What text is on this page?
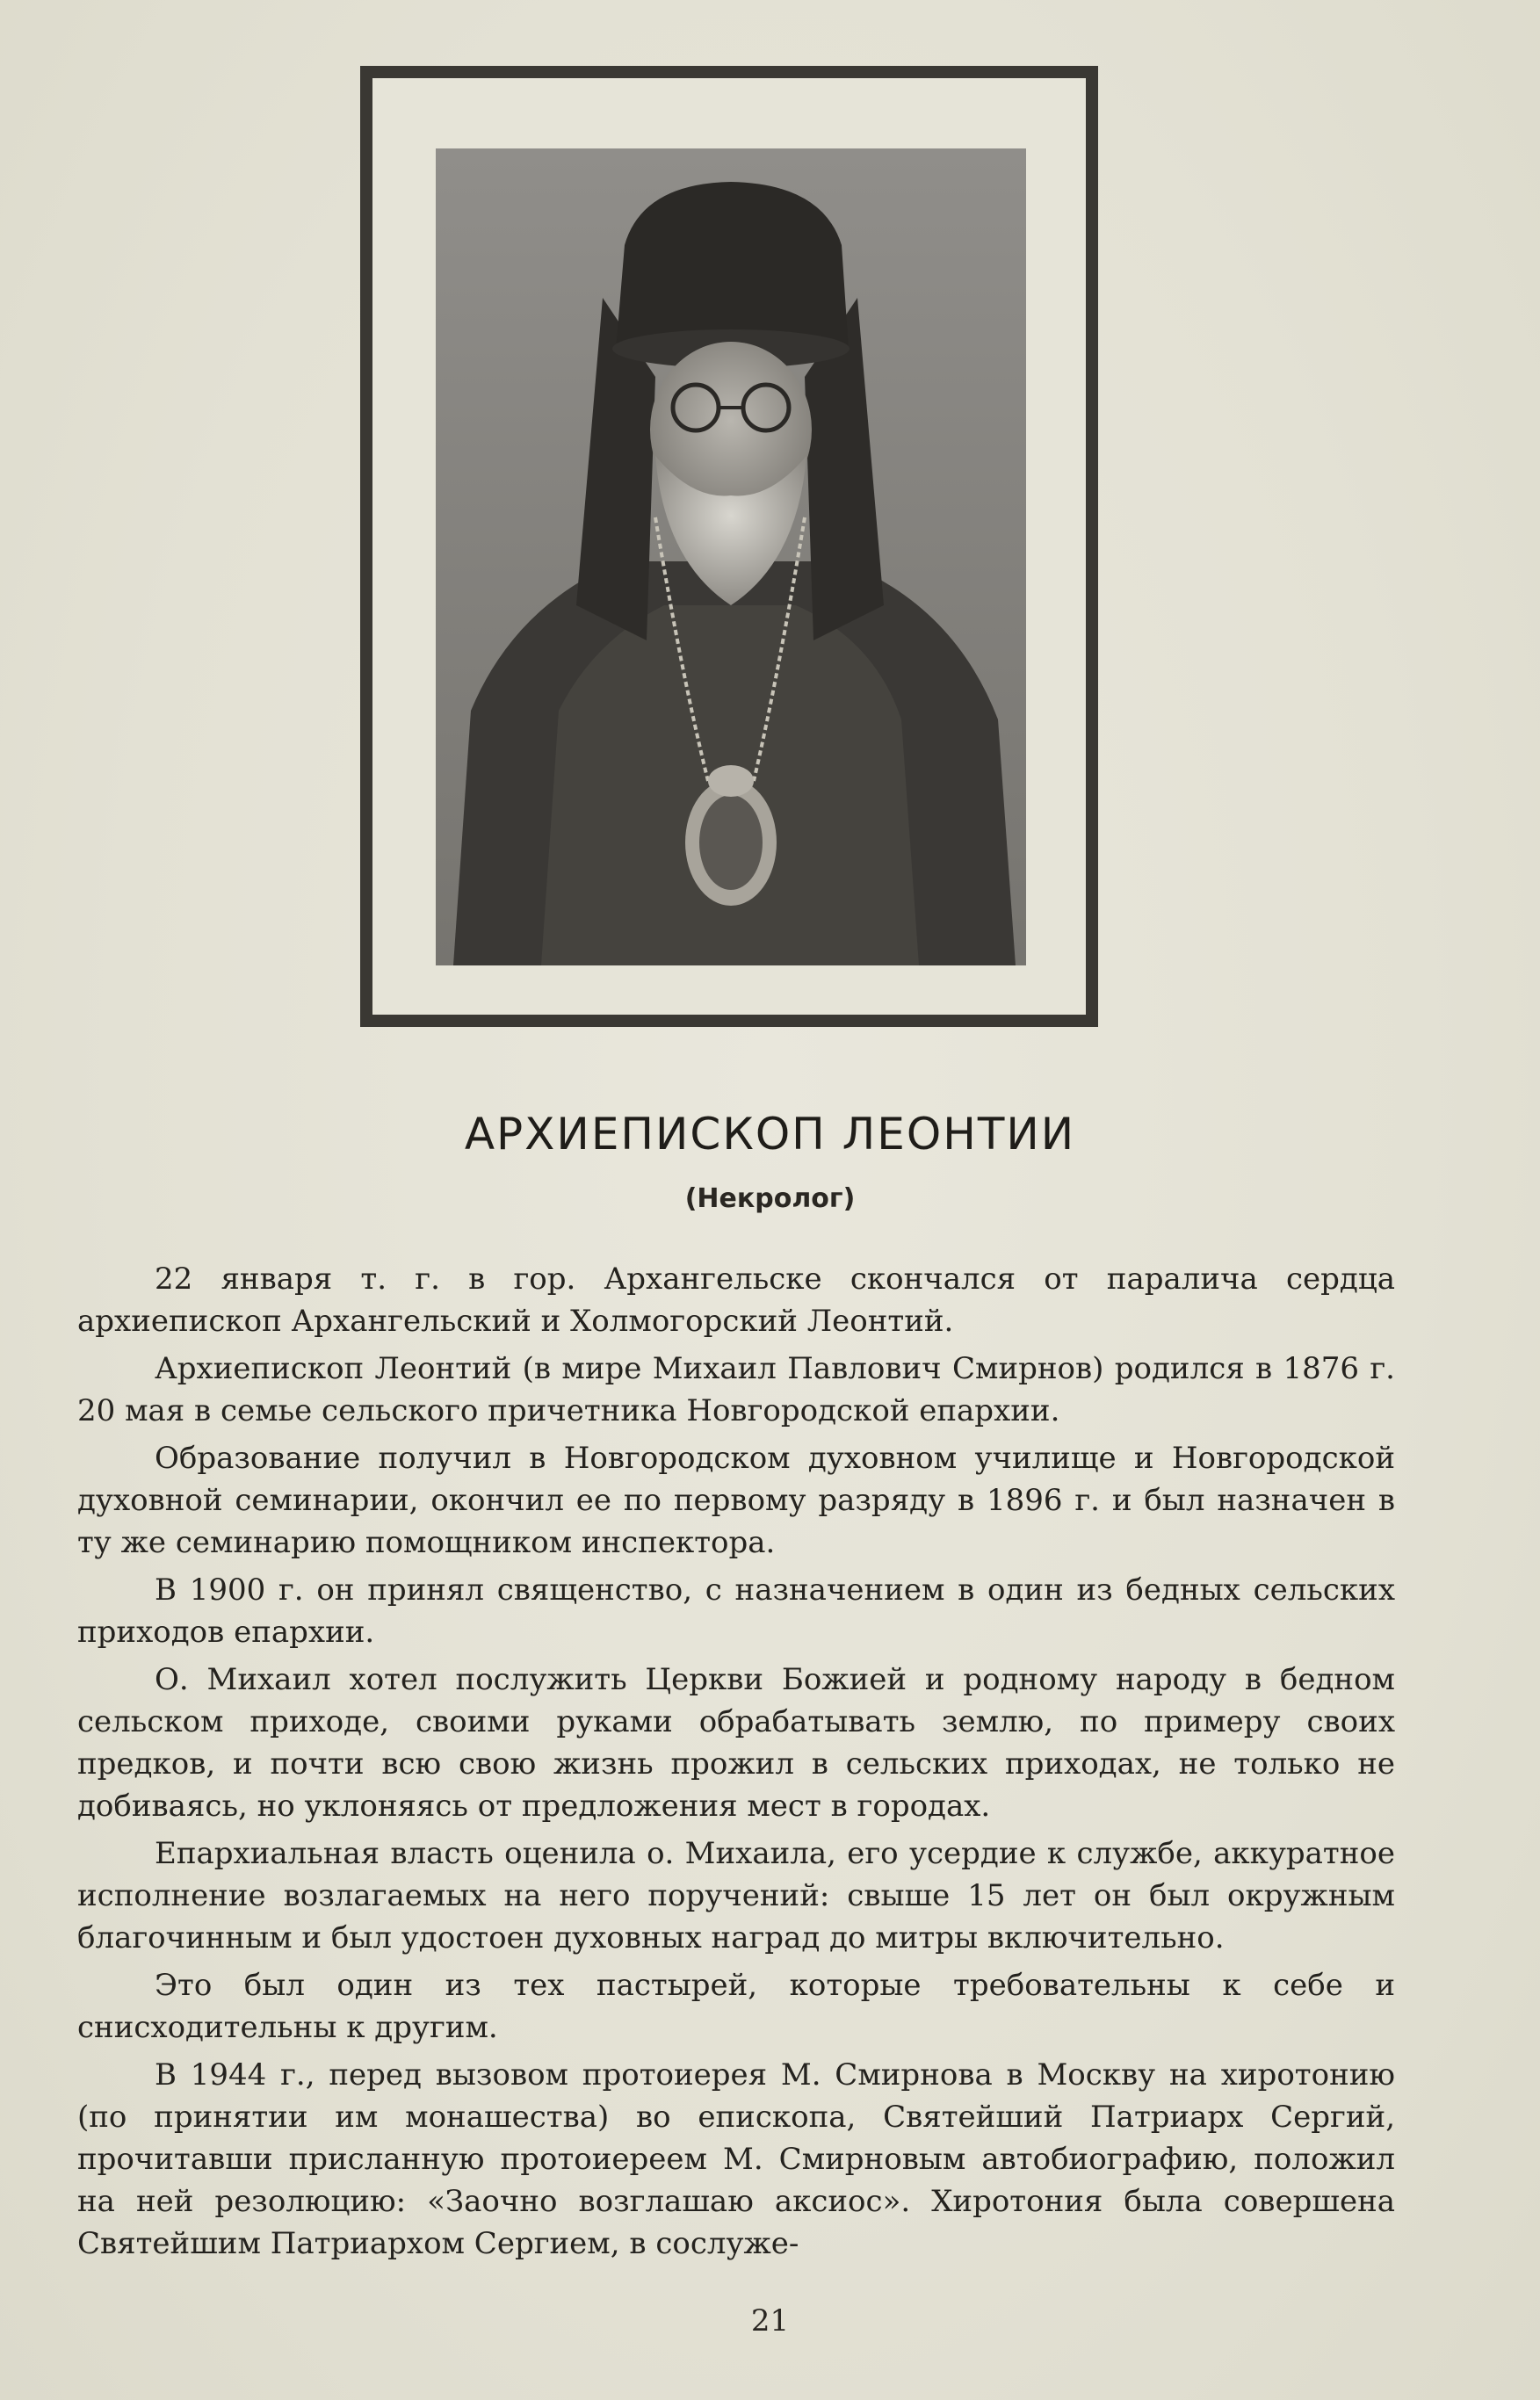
АРХИЕПИСКОП ЛЕОНТИИ
(Некролог)

22 января т. г. в гор. Архангельске скончался от паралича сердца архиепископ Архангельский и Холмогорский Леонтий.

Архиепископ Леонтий (в мире Михаил Павлович Смирнов) родился в 1876 г. 20 мая в семье сельского причетника Новгородской епархии.

Образование получил в Новгородском духовном училище и Новгородской духовной семинарии, окончил ее по первому разряду в 1896 г. и был назначен в ту же семинарию помощником инспектора.

В 1900 г. он принял священство, с назначением в один из бедных сельских приходов епархии.

О. Михаил хотел послужить Церкви Божией и родному народу в бедном сельском приходе, своими руками обрабатывать землю, по примеру своих предков, и почти всю свою жизнь прожил в сельских приходах, не только не добиваясь, но уклоняясь от предложения мест в городах.

Епархиальная власть оценила о. Михаила, его усердие к службе, аккуратное исполнение возлагаемых на него поручений: свыше 15 лет он был окружным благочинным и был удостоен духовных наград до митры включительно.

Это был один из тех пастырей, которые требовательны к себе и снисходительны к другим.

В 1944 г., перед вызовом протоиерея М. Смирнова в Москву на хиротонию (по принятии им монашества) во епископа, Святейший Патриарх Сергий, прочитавши присланную протоиереем М. Смирновым автобиографию, положил на ней резолюцию: «Заочно возглашаю аксиос». Хиротония была совершена Святейшим Патриархом Сергием, в сослуже-

21
